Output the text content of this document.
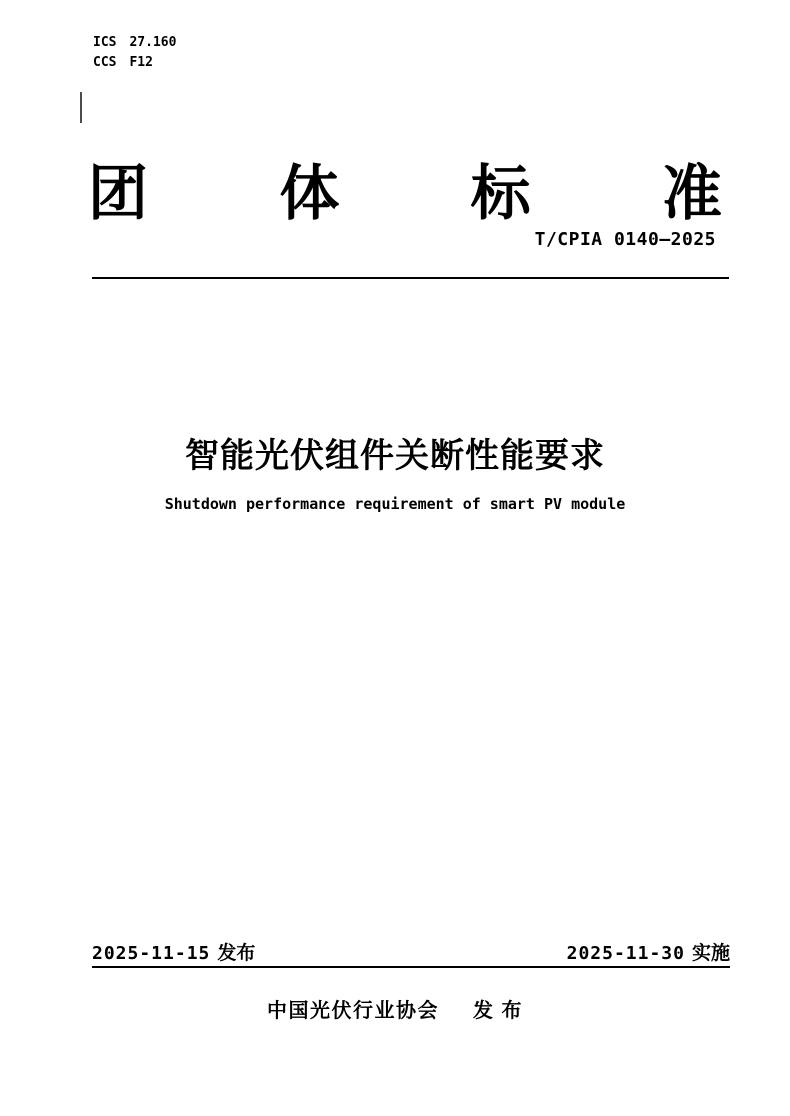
ICS 27.160
CCS F12
团 体 标 准
T/CPIA 0140—2025
智能光伏组件关断性能要求
Shutdown performance requirement of smart PV module
2025-11-15 发布	2025-11-30 实施
中国光伏行业协会 发 布
